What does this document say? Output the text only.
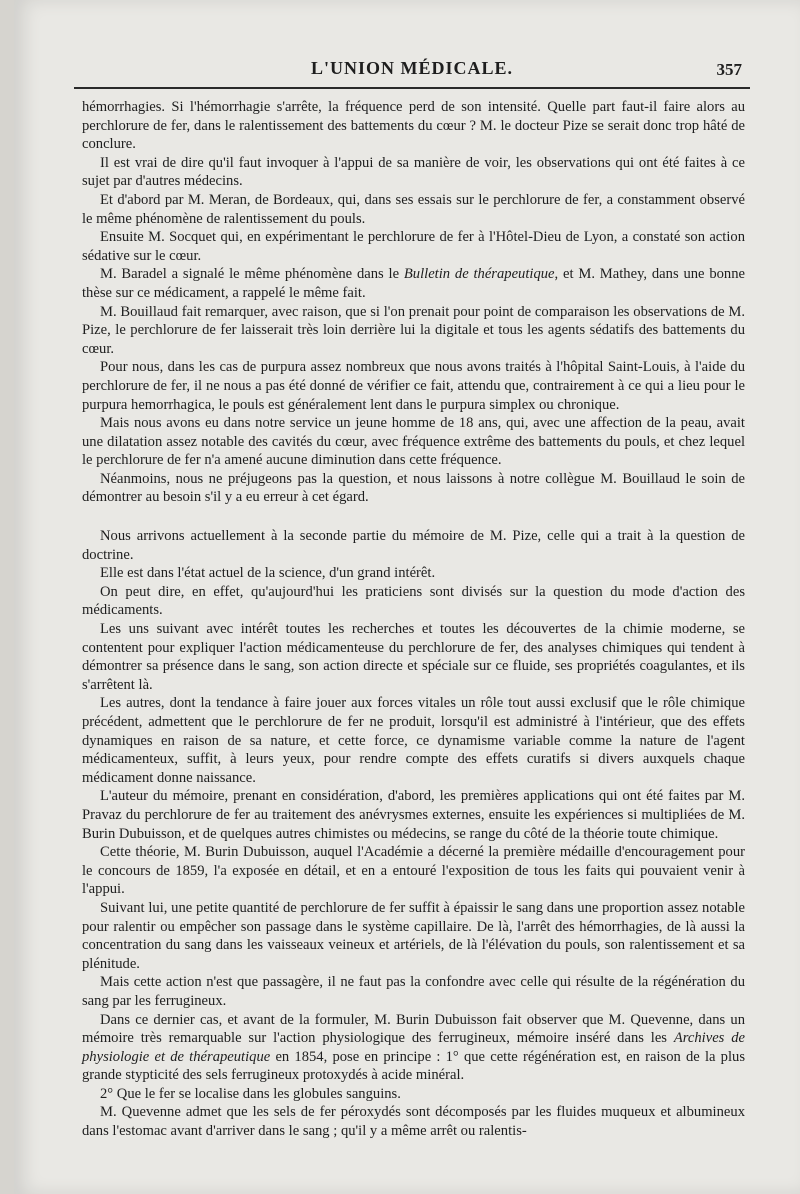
L'UNION MÉDICALE.	357

hémorrhagies. Si l'hémorrhagie s'arrête, la fréquence perd de son intensité. Quelle part faut-il faire alors au perchlorure de fer, dans le ralentissement des battements du cœur ? M. le docteur Pize se serait donc trop hâté de conclure.

Il est vrai de dire qu'il faut invoquer à l'appui de sa manière de voir, les observations qui ont été faites à ce sujet par d'autres médecins.

Et d'abord par M. Meran, de Bordeaux, qui, dans ses essais sur le perchlorure de fer, a constamment observé le même phénomène de ralentissement du pouls.

Ensuite M. Socquet qui, en expérimentant le perchlorure de fer à l'Hôtel-Dieu de Lyon, a constaté son action sédative sur le cœur.

M. Baradel a signalé le même phénomène dans le Bulletin de thérapeutique, et M. Mathey, dans une bonne thèse sur ce médicament, a rappelé le même fait.

M. Bouillaud fait remarquer, avec raison, que si l'on prenait pour point de comparaison les observations de M. Pize, le perchlorure de fer laisserait très loin derrière lui la digitale et tous les agents sédatifs des battements du cœur.

Pour nous, dans les cas de purpura assez nombreux que nous avons traités à l'hôpital Saint-Louis, à l'aide du perchlorure de fer, il ne nous a pas été donné de vérifier ce fait, attendu que, contrairement à ce qui a lieu pour le purpura hemorrhagica, le pouls est généralement lent dans le purpura simplex ou chronique.

Mais nous avons eu dans notre service un jeune homme de 18 ans, qui, avec une affection de la peau, avait une dilatation assez notable des cavités du cœur, avec fréquence extrême des battements du pouls, et chez lequel le perchlorure de fer n'a amené aucune diminution dans cette fréquence.

Néanmoins, nous ne préjugeons pas la question, et nous laissons à notre collègue M. Bouillaud le soin de démontrer au besoin s'il y a eu erreur à cet égard.

Nous arrivons actuellement à la seconde partie du mémoire de M. Pize, celle qui a trait à la question de doctrine.

Elle est dans l'état actuel de la science, d'un grand intérêt.

On peut dire, en effet, qu'aujourd'hui les praticiens sont divisés sur la question du mode d'action des médicaments.

Les uns suivant avec intérêt toutes les recherches et toutes les découvertes de la chimie moderne, se contentent pour expliquer l'action médicamenteuse du perchlorure de fer, des analyses chimiques qui tendent à démontrer sa présence dans le sang, son action directe et spéciale sur ce fluide, ses propriétés coagulantes, et ils s'arrêtent là.

Les autres, dont la tendance à faire jouer aux forces vitales un rôle tout aussi exclusif que le rôle chimique précédent, admettent que le perchlorure de fer ne produit, lorsqu'il est administré à l'intérieur, que des effets dynamiques en raison de sa nature, et cette force, ce dynamisme variable comme la nature de l'agent médicamenteux, suffit, à leurs yeux, pour rendre compte des effets curatifs si divers auxquels chaque médicament donne naissance.

L'auteur du mémoire, prenant en considération, d'abord, les premières applications qui ont été faites par M. Pravaz du perchlorure de fer au traitement des anévrysmes externes, ensuite les expériences si multipliées de M. Burin Dubuisson, et de quelques autres chimistes ou médecins, se range du côté de la théorie toute chimique.

Cette théorie, M. Burin Dubuisson, auquel l'Académie a décerné la première médaille d'encouragement pour le concours de 1859, l'a exposée en détail, et en a entouré l'exposition de tous les faits qui pouvaient venir à l'appui.

Suivant lui, une petite quantité de perchlorure de fer suffit à épaissir le sang dans une proportion assez notable pour ralentir ou empêcher son passage dans le système capillaire. De là, l'arrêt des hémorrhagies, de là aussi la concentration du sang dans les vaisseaux veineux et artériels, de là l'élévation du pouls, son ralentissement et sa plénitude.

Mais cette action n'est que passagère, il ne faut pas la confondre avec celle qui résulte de la régénération du sang par les ferrugineux.

Dans ce dernier cas, et avant de la formuler, M. Burin Dubuisson fait observer que M. Quevenne, dans un mémoire très remarquable sur l'action physiologique des ferrugineux, mémoire inséré dans les Archives de physiologie et de thérapeutique en 1854, pose en principe : 1° que cette régénération est, en raison de la plus grande stypticité des sels ferrugineux protoxydés à acide minéral.

2° Que le fer se localise dans les globules sanguins.

M. Quevenne admet que les sels de fer péroxydés sont décomposés par les fluides muqueux et albumineux dans l'estomac avant d'arriver dans le sang ; qu'il y a même arrêt ou ralentis-
